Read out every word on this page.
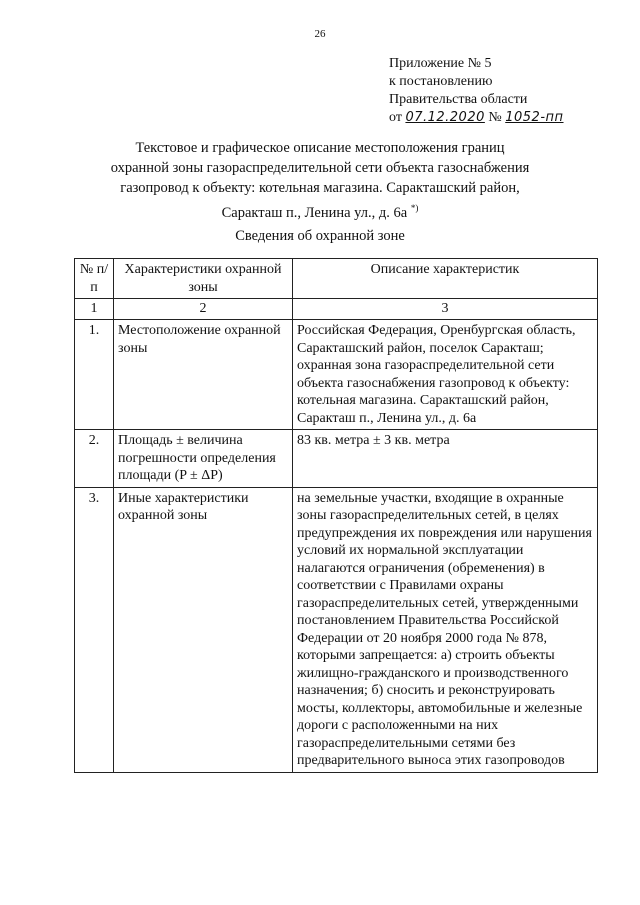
26
Приложение № 5
к постановлению
Правительства области
от 07.12.2020 № 1052-пп
Текстовое и графическое описание местоположения границ
охранной зоны газораспределительной сети объекта газоснабжения
газопровод к объекту: котельная магазина. Саракташский район,
Саракташ п., Ленина ул., д. 6а *)
Сведения об охранной зоне
№ п/п	Характеристики охранной зоны	Описание характеристик
1	2	3
1.	Местоположение охранной зоны	Российская Федерация, Оренбургская область, Саракташский район, поселок Саракташ; охранная зона газораспределительной сети объекта газоснабжения газопровод к объекту: котельная магазина. Саракташский район, Саракташ п., Ленина ул., д. 6а
2.	Площадь ± величина погрешности определения площади (P ± ΔP)	83 кв. метра ± 3 кв. метра
3.	Иные характеристики охранной зоны	на земельные участки, входящие в охранные зоны газораспределительных сетей, в целях предупреждения их повреждения или нарушения условий их нормальной эксплуатации налагаются ограничения (обременения) в соответствии с Правилами охраны газораспределительных сетей, утвержденными постановлением Правительства Российской Федерации от 20 ноября 2000 года № 878, которыми запрещается: а) строить объекты жилищно-гражданского и производственного назначения; б) сносить и реконструировать мосты, коллекторы, автомобильные и железные дороги с расположенными на них газораспределительными сетями без предварительного выноса этих газопроводов
